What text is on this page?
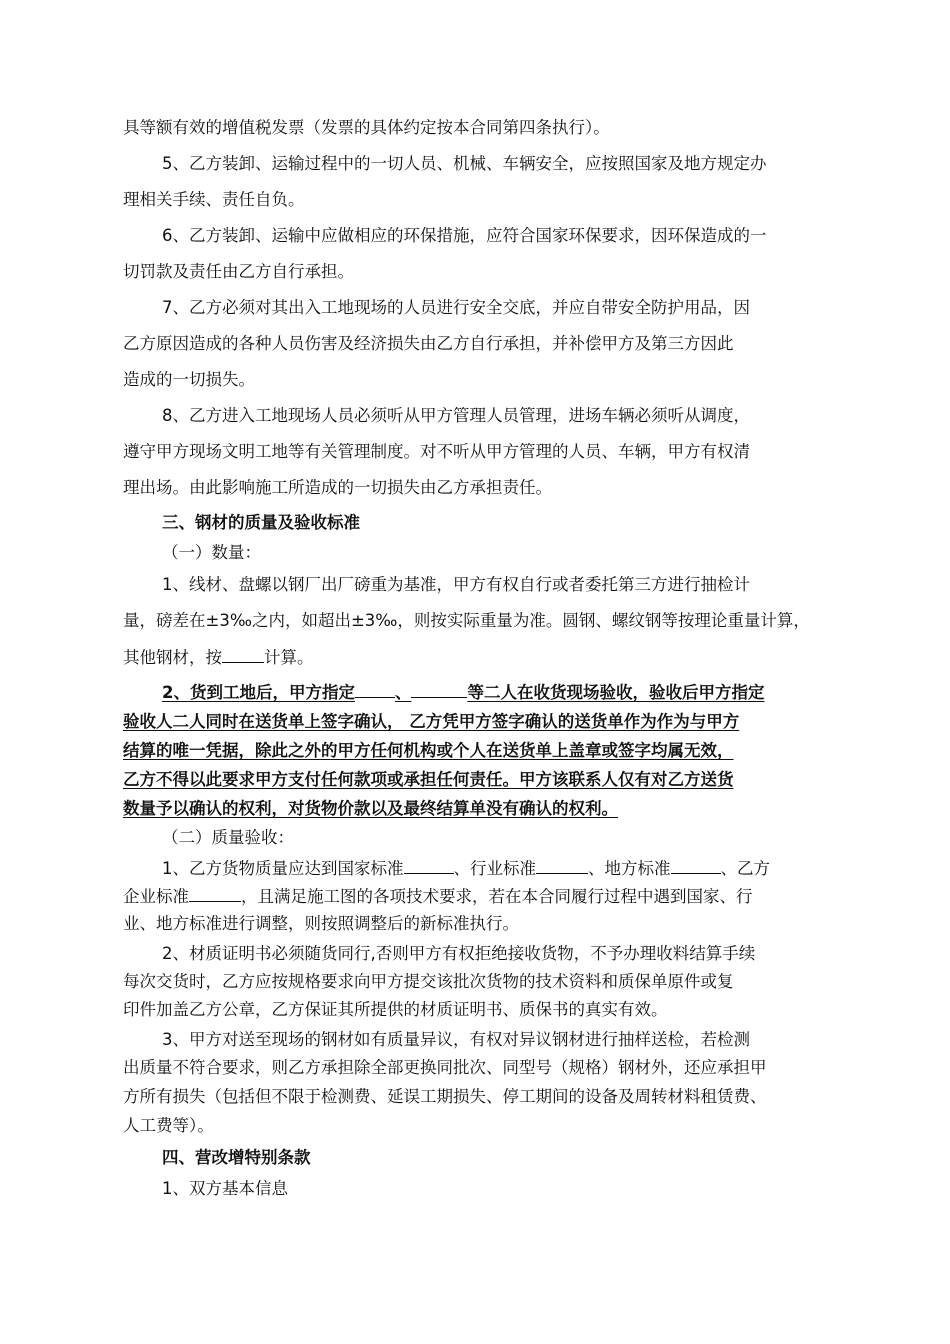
具等额有效的增值税发票（发票的具体约定按本合同第四条执行）。
5、乙方装卸、运输过程中的一切人员、机械、车辆安全，应按照国家及地方规定办
理相关手续、责任自负。
6、乙方装卸、运输中应做相应的环保措施，应符合国家环保要求，因环保造成的一
切罚款及责任由乙方自行承担。
7、乙方必须对其出入工地现场的人员进行安全交底，并应自带安全防护用品，因
乙方原因造成的各种人员伤害及经济损失由乙方自行承担，并补偿甲方及第三方因此
造成的一切损失。
8、乙方进入工地现场人员必须听从甲方管理人员管理，进场车辆必须听从调度，
遵守甲方现场文明工地等有关管理制度。对不听从甲方管理的人员、车辆，甲方有权清
理出场。由此影响施工所造成的一切损失由乙方承担责任。
三、钢材的质量及验收标准
（一）数量：
1、线材、盘螺以钢厂出厂磅重为基准，甲方有权自行或者委托第三方进行抽检计
量，磅差在±3‰之内，如超出±3‰，则按实际重量为准。圆钢、螺纹钢等按理论重量计算，
其他钢材，按	计算。
2、货到工地后，甲方指定 、	等二人在收货现场验收，验收后甲方指定
验收人二人同时在送货单上签字确认， 乙方凭甲方签字确认的送货单作为作为与甲方
结算的唯一凭据，除此之外的甲方任何机构或个人在送货单上盖章或签字均属无效，
乙方不得以此要求甲方支付任何款项或承担任何责任。甲方该联系人仅有对乙方送货
数量予以确认的权利，对货物价款以及最终结算单没有确认的权利。
（二）质量验收：
1、乙方货物质量应达到国家标准	、行业标准	、地方标准	、乙方
企业标准	，且满足施工图的各项技术要求，若在本合同履行过程中遇到国家、行
业、地方标准进行调整，则按照调整后的新标准执行。
2、材质证明书必须随货同行,否则甲方有权拒绝接收货物，不予办理收料结算手续
每次交货时，乙方应按规格要求向甲方提交该批次货物的技术资料和质保单原件或复
印件加盖乙方公章，乙方保证其所提供的材质证明书、质保书的真实有效。
3、甲方对送至现场的钢材如有质量异议，有权对异议钢材进行抽样送检，若检测
出质量不符合要求，则乙方承担除全部更换同批次、同型号（规格）钢材外，还应承担甲
方所有损失（包括但不限于检测费、延误工期损失、停工期间的设备及周转材料租赁费、
人工费等）。
四、营改增特别条款
1、双方基本信息
